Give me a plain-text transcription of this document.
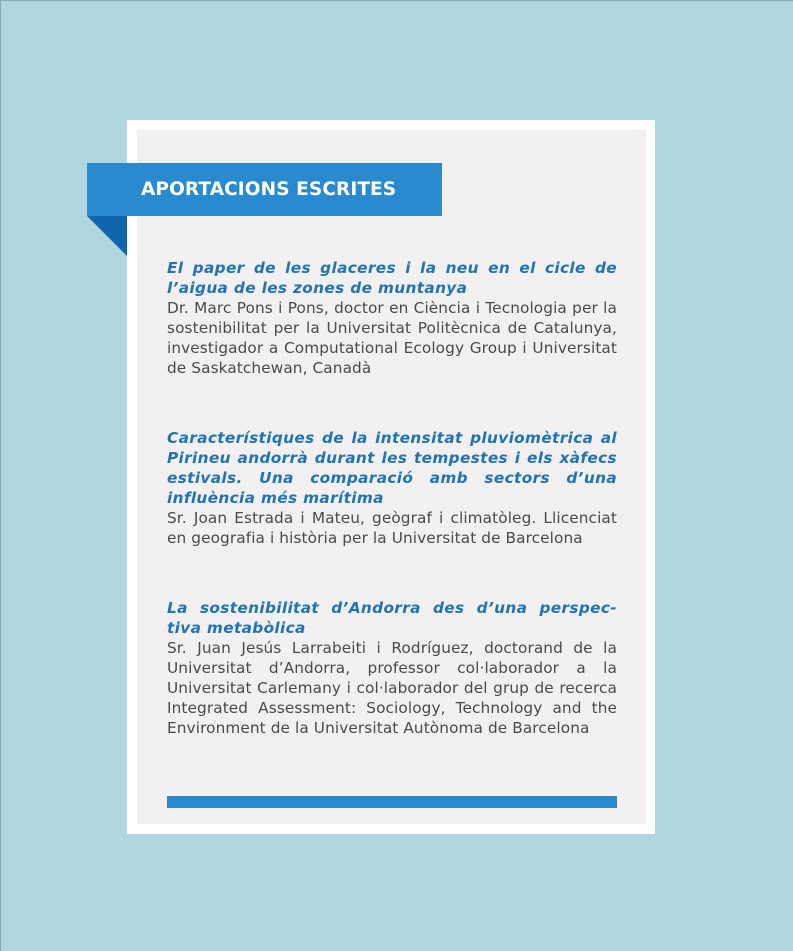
APORTACIONS ESCRITES
El paper de les glaceres i la neu en el cicle de l’aigua de les zones de muntanya
Dr. Marc Pons i Pons, doctor en Ciència i Tecnologia per la sostenibilitat per la Universitat Politècnica de Catalunya, investigador a Computational Ecology Group i Universitat de Saskatchewan, Canadà
Característiques de la intensitat pluviomètrica al Pirineu andorrà durant les tempestes i els xàfecs estivals. Una comparació amb sectors d’una influència més marítima
Sr. Joan Estrada i Mateu, geògraf i climatòleg. Llicenciat en geografia i història per la Universitat de Barcelona
La sostenibilitat d’Andorra des d’una perspec-tiva metabòlica
Sr. Juan Jesús Larrabeiti i Rodríguez, doctorand de la Universitat d’Andorra, professor col·laborador a la Universitat Carlemany i col·laborador del grup de recerca Integrated Assessment: Sociology, Technology and the Environment de la Universitat Autònoma de Barcelona
